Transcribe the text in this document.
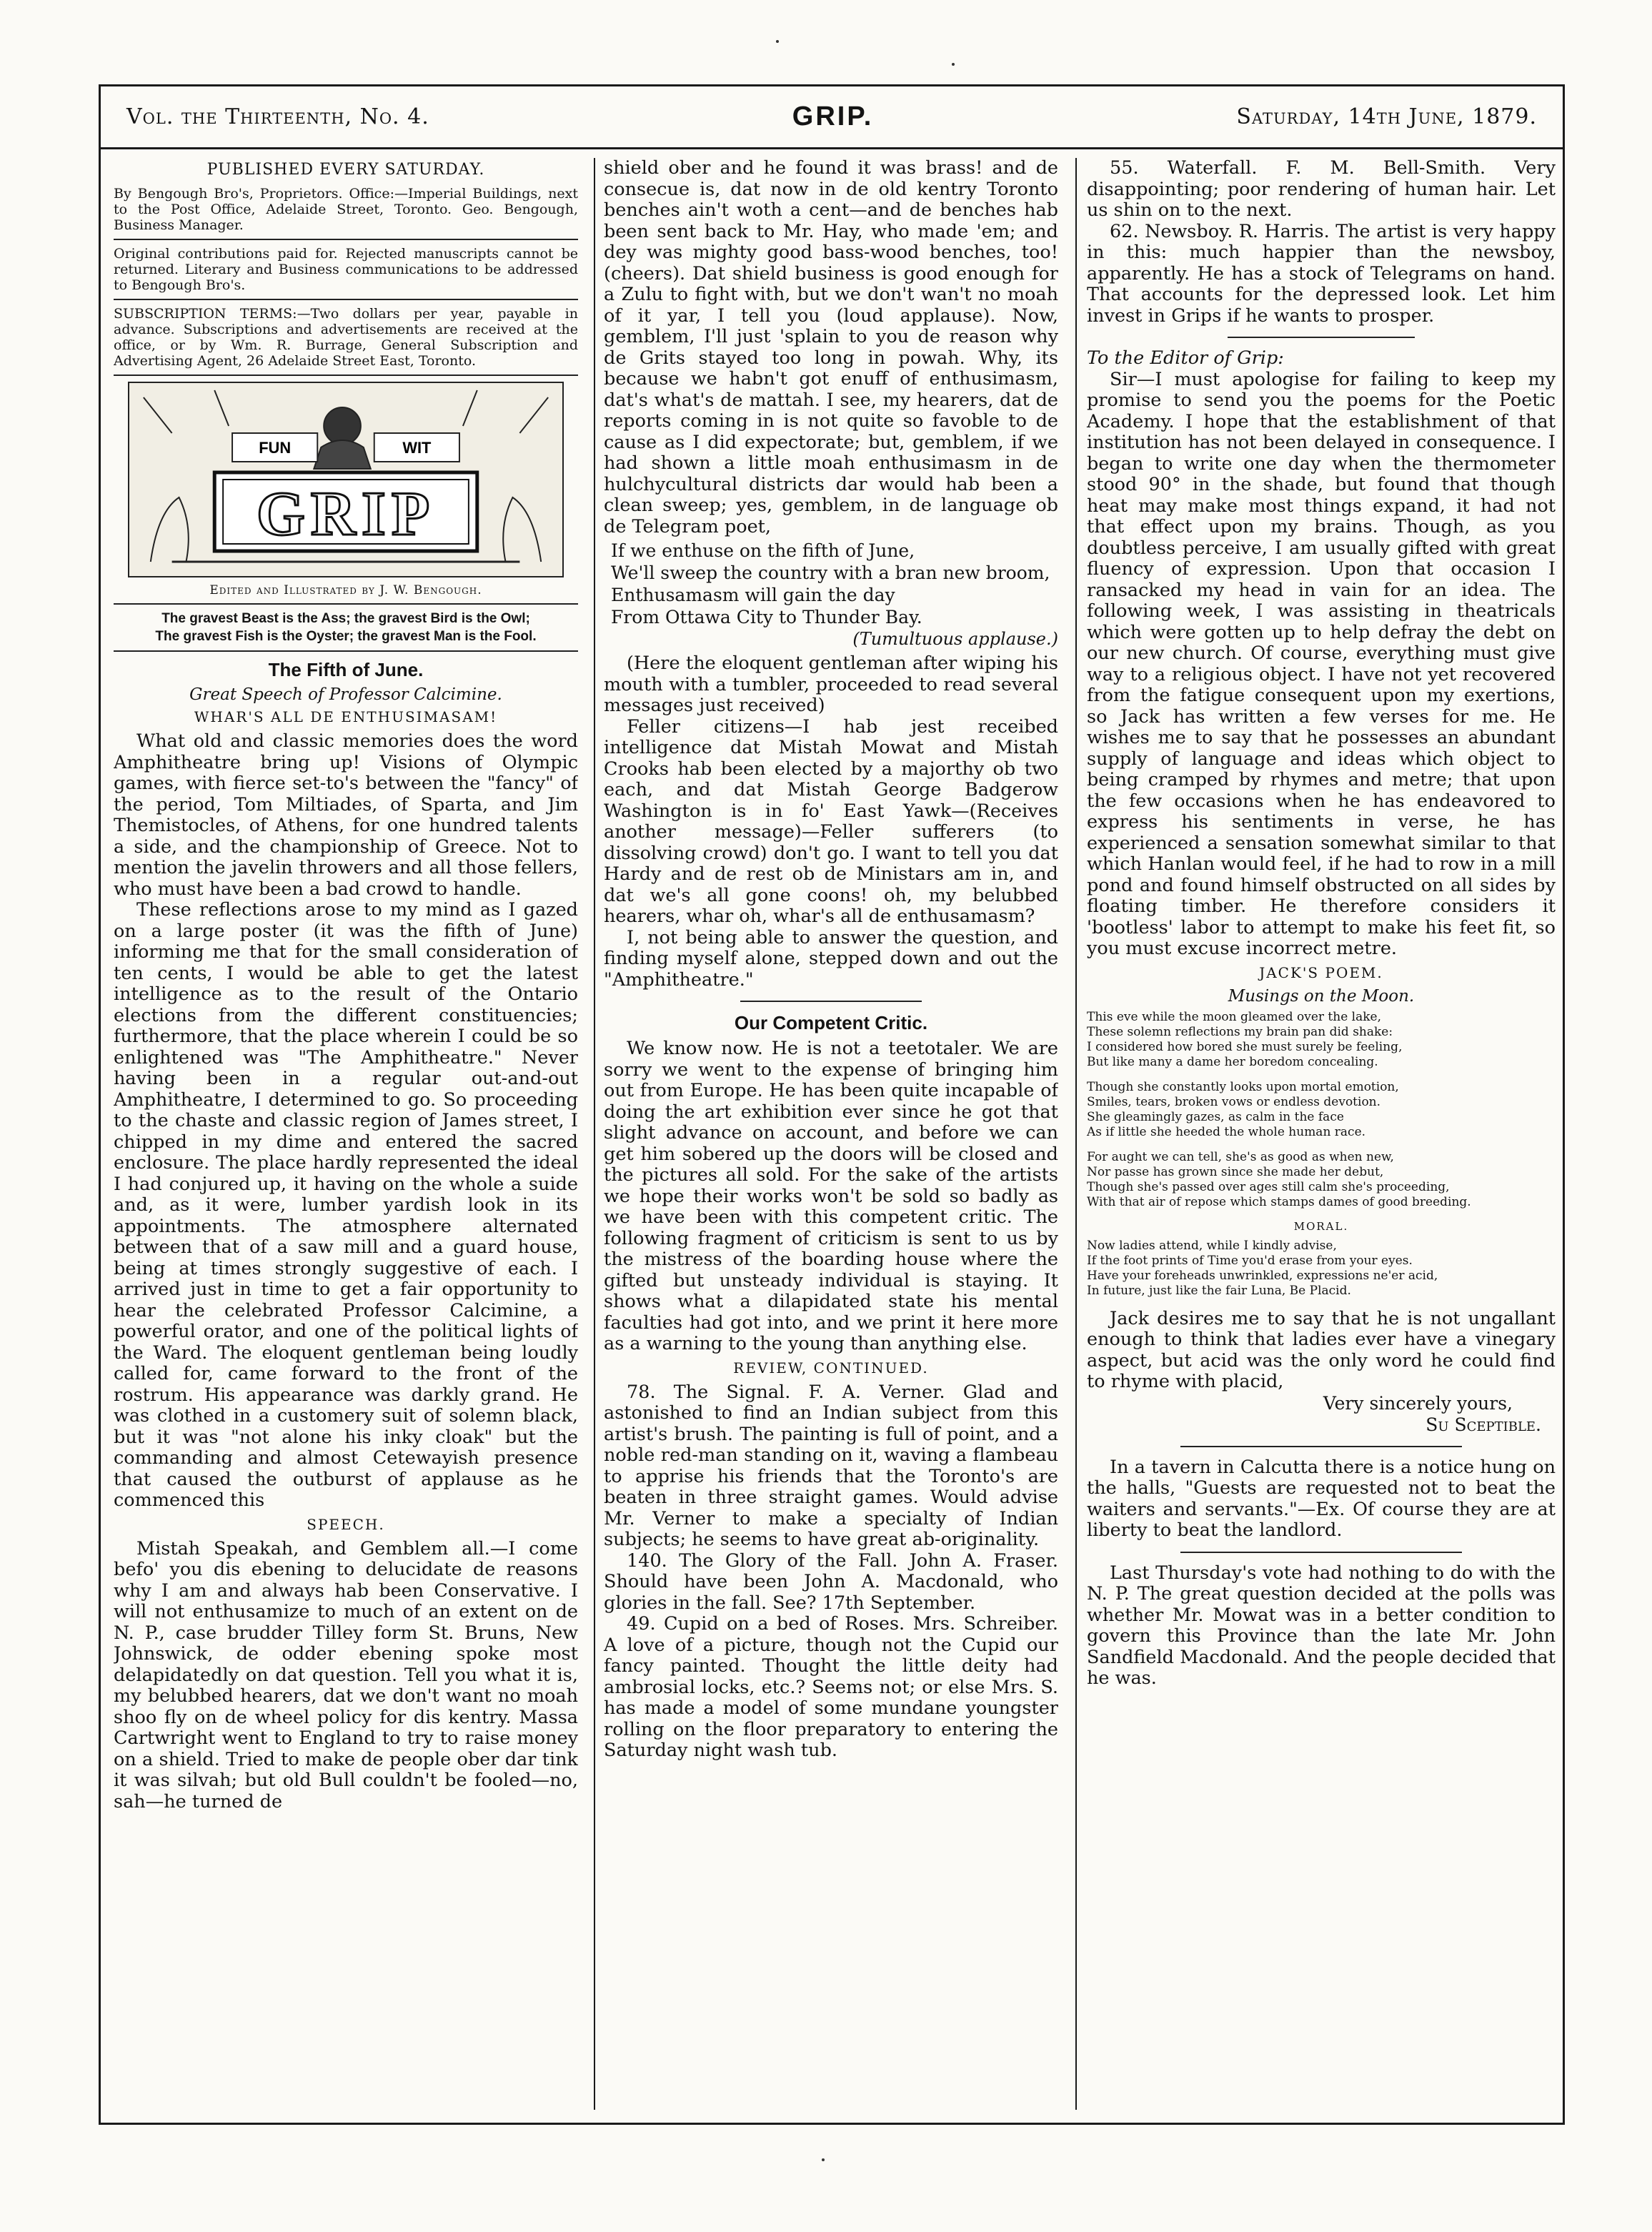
Vol. the Thirteenth, No. 4.	GRIP.	Saturday, 14th June, 1879.
PUBLISHED EVERY SATURDAY.

By Bengough Bro's, Proprietors. Office:—Imperial Buildings, next to the Post Office, Adelaide Street, Toronto. Geo. Bengough, Business Manager.

Original contributions paid for. Rejected manuscripts cannot be returned. Literary and Business communications to be addressed to Bengough Bro's.

SUBSCRIPTION TERMS:—Two dollars per year, payable in advance. Subscriptions and advertisements are received at the office, or by Wm. R. Burrage, General Subscription and Advertising Agent, 26 Adelaide Street East, Toronto.

FUN	WIT
GRIP
Edited and Illustrated by J. W. Bengough.
The gravest Beast is the Ass; the gravest Bird is the Owl;
The gravest Fish is the Oyster; the gravest Man is the Fool.
The Fifth of June.
Great Speech of Professor Calcimine.
WHAR'S ALL DE ENTHUSIMASAM!

What old and classic memories does the word Amphitheatre bring up! Visions of Olympic games, with fierce set-to's between the "fancy" of the period, Tom Miltiades, of Sparta, and Jim Themistocles, of Athens, for one hundred talents a side, and the championship of Greece. Not to mention the javelin throwers and all those fellers, who must have been a bad crowd to handle.

These reflections arose to my mind as I gazed on a large poster (it was the fifth of June) informing me that for the small consideration of ten cents, I would be able to get the latest intelligence as to the result of the Ontario elections from the different constituencies; furthermore, that the place wherein I could be so enlightened was "The Amphitheatre." Never having been in a regular out-and-out Amphitheatre, I determined to go. So proceeding to the chaste and classic region of James street, I chipped in my dime and entered the sacred enclosure. The place hardly represented the ideal I had conjured up, it having on the whole a suide and, as it were, lumber yardish look in its appointments. The atmosphere alternated between that of a saw mill and a guard house, being at times strongly suggestive of each. I arrived just in time to get a fair opportunity to hear the celebrated Professor Calcimine, a powerful orator, and one of the political lights of the Ward. The eloquent gentleman being loudly called for, came forward to the front of the rostrum. His appearance was darkly grand. He was clothed in a customery suit of solemn black, but it was "not alone his inky cloak" but the commanding and almost Cetewayish presence that caused the outburst of applause as he commenced this

SPEECH.

Mistah Speakah, and Gemblem all.—I come befo' you dis ebening to delucidate de reasons why I am and always hab been Conservative. I will not enthusamize to much of an extent on de N. P., case brudder Tilley form St. Bruns, New Johnswick, de odder ebening spoke most delapidatedly on dat question. Tell you what it is, my belubbed hearers, dat we don't want no moah shoo fly on de wheel policy for dis kentry. Massa Cartwright went to England to try to raise money on a shield. Tried to make de people ober dar tink it was silvah; but old Bull couldn't be fooled—no, sah—he turned de

shield ober and he found it was brass! and de consecue is, dat now in de old kentry Toronto benches ain't woth a cent—and de benches hab been sent back to Mr. Hay, who made 'em; and dey was mighty good bass-wood benches, too! (cheers). Dat shield business is good enough for a Zulu to fight with, but we don't wan't no moah of it yar, I tell you (loud applause). Now, gemblem, I'll just 'splain to you de reason why de Grits stayed too long in powah. Why, its because we habn't got enuff of enthusimasm, dat's what's de mattah. I see, my hearers, dat de reports coming in is not quite so favoble to de cause as I did expectorate; but, gemblem, if we had shown a little moah enthusimasm in de hulchycultural districts dar would hab been a clean sweep; yes, gemblem, in de language ob de Telegram poet,

If we enthuse on the fifth of June,
We'll sweep the country with a bran new broom,
Enthusamasm will gain the day
From Ottawa City to Thunder Bay.
(Tumultuous applause.)

(Here the eloquent gentleman after wiping his mouth with a tumbler, proceeded to read several messages just received)

Feller citizens—I hab jest receibed intelligence dat Mistah Mowat and Mistah Crooks hab been elected by a majorthy ob two each, and dat Mistah George Badgerow Washington is in fo' East Yawk—(Receives another message)—Feller sufferers (to dissolving crowd) don't go. I want to tell you dat Hardy and de rest ob de Ministars am in, and dat we's all gone coons! oh, my belubbed hearers, whar oh, whar's all de enthusamasm?

I, not being able to answer the question, and finding myself alone, stepped down and out the "Amphitheatre."

Our Competent Critic.

We know now. He is not a teetotaler. We are sorry we went to the expense of bringing him out from Europe. He has been quite incapable of doing the art exhibition ever since he got that slight advance on account, and before we can get him sobered up the doors will be closed and the pictures all sold. For the sake of the artists we hope their works won't be sold so badly as we have been with this competent critic. The following fragment of criticism is sent to us by the mistress of the boarding house where the gifted but unsteady individual is staying. It shows what a dilapidated state his mental faculties had got into, and we print it here more as a warning to the young than anything else.

REVIEW, CONTINUED.

78. The Signal. F. A. Verner. Glad and astonished to find an Indian subject from this artist's brush. The painting is full of point, and a noble red-man standing on it, waving a flambeau to apprise his friends that the Toronto's are beaten in three straight games. Would advise Mr. Verner to make a specialty of Indian subjects; he seems to have great ab-originality.

140. The Glory of the Fall. John A. Fraser. Should have been John A. Macdonald, who glories in the fall. See? 17th September.

49. Cupid on a bed of Roses. Mrs. Schreiber. A love of a picture, though not the Cupid our fancy painted. Thought the little deity had ambrosial locks, etc.? Seems not; or else Mrs. S. has made a model of some mundane youngster rolling on the floor preparatory to entering the Saturday night wash tub.

55. Waterfall. F. M. Bell-Smith. Very disappointing; poor rendering of human hair. Let us shin on to the next.

62. Newsboy. R. Harris. The artist is very happy in this: much happier than the newsboy, apparently. He has a stock of Telegrams on hand. That accounts for the depressed look. Let him invest in Grips if he wants to prosper.

To the Editor of Grip:

Sir—I must apologise for failing to keep my promise to send you the poems for the Poetic Academy. I hope that the establishment of that institution has not been delayed in consequence. I began to write one day when the thermometer stood 90° in the shade, but found that though heat may make most things expand, it had not that effect upon my brains. Though, as you doubtless perceive, I am usually gifted with great fluency of expression. Upon that occasion I ransacked my head in vain for an idea. The following week, I was assisting in theatricals which were gotten up to help defray the debt on our new church. Of course, everything must give way to a religious object. I have not yet recovered from the fatigue consequent upon my exertions, so Jack has written a few verses for me. He wishes me to say that he possesses an abundant supply of language and ideas which object to being cramped by rhymes and metre; that upon the few occasions when he has endeavored to express his sentiments in verse, he has experienced a sensation somewhat similar to that which Hanlan would feel, if he had to row in a mill pond and found himself obstructed on all sides by floating timber. He therefore considers it 'bootless' labor to attempt to make his feet fit, so you must excuse incorrect metre.

JACK'S POEM.
Musings on the Moon.
This eve while the moon gleamed over the lake,
These solemn reflections my brain pan did shake:
I considered how bored she must surely be feeling,
But like many a dame her boredom concealing.
Though she constantly looks upon mortal emotion,
Smiles, tears, broken vows or endless devotion.
She gleamingly gazes, as calm in the face
As if little she heeded the whole human race.
For aught we can tell, she's as good as when new,
Nor passe has grown since she made her debut,
Though she's passed over ages still calm she's proceeding,
With that air of repose which stamps dames of good breeding.
MORAL.
Now ladies attend, while I kindly advise,
If the foot prints of Time you'd erase from your eyes.
Have your foreheads unwrinkled, expressions ne'er acid,
In future, just like the fair Luna, Be Placid.

Jack desires me to say that he is not ungallant enough to think that ladies ever have a vinegary aspect, but acid was the only word he could find to rhyme with placid,

Very sincerely yours,
Su Sceptible.

In a tavern in Calcutta there is a notice hung on the halls, "Guests are requested not to beat the waiters and servants."—Ex. Of course they are at liberty to beat the landlord.

Last Thursday's vote had nothing to do with the N. P. The great question decided at the polls was whether Mr. Mowat was in a better condition to govern this Province than the late Mr. John Sandfield Macdonald. And the people decided that he was.
